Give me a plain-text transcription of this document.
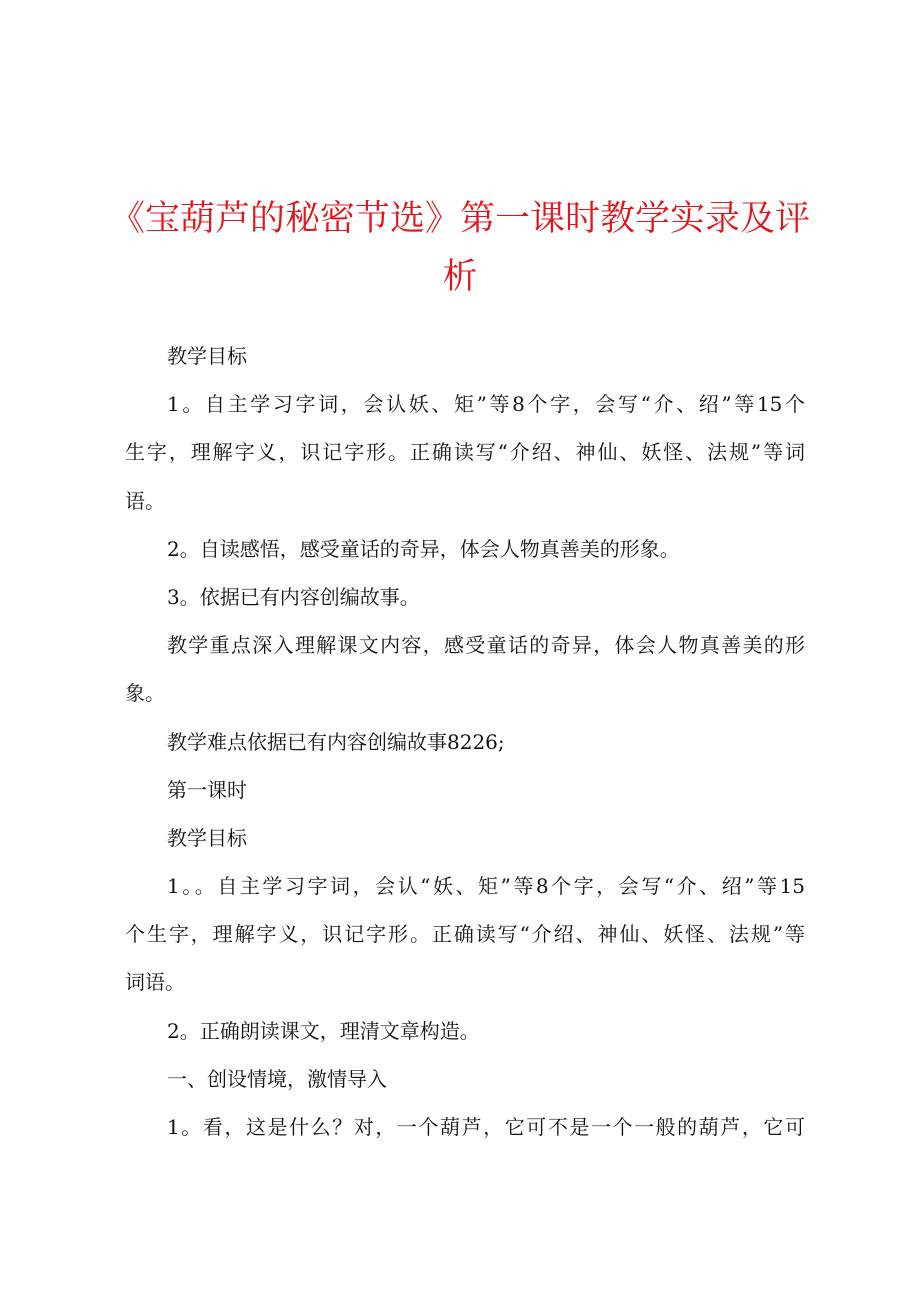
《宝葫芦的秘密节选》第一课时教学实录及评
析
教学目标
1。自主学习字词，会认妖、矩”等8个字，会写“介、绍”等15个
生字，理解字义，识记字形。正确读写“介绍、神仙、妖怪、法规”等词
语。
2。自读感悟，感受童话的奇异，体会人物真善美的形象。
3。依据已有内容创编故事。
教学重点深入理解课文内容，感受童话的奇异，体会人物真善美的形
象。
教学难点依据已有内容创编故事8226;
第一课时
教学目标
1。。自主学习字词，会认“妖、矩”等8个字，会写“介、绍”等15
个生字，理解字义，识记字形。正确读写“介绍、神仙、妖怪、法规”等
词语。
2。正确朗读课文，理清文章构造。
一、创设情境，激情导入
1。看，这是什么？对，一个葫芦，它可不是一个一般的葫芦，它可
